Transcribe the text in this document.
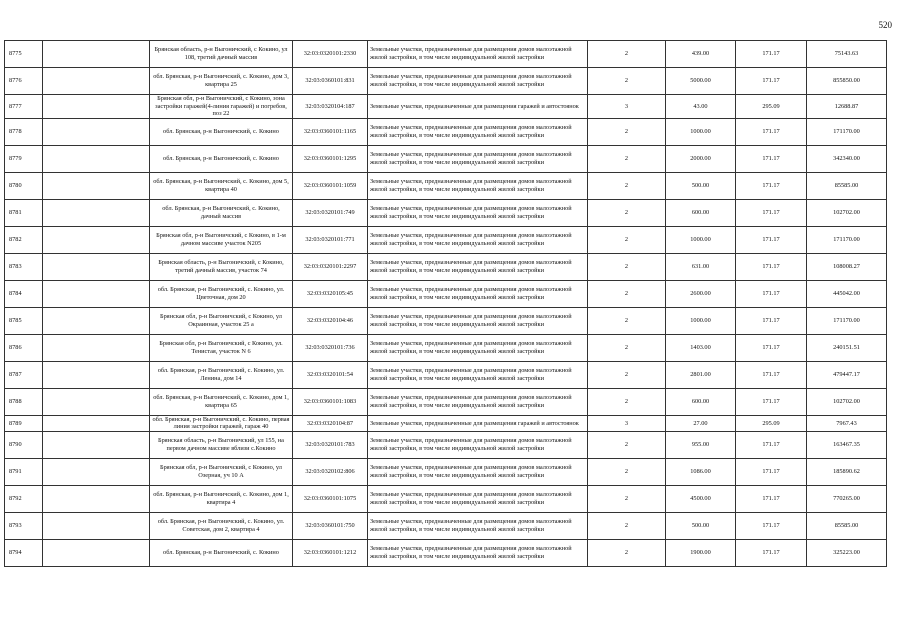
520
8775		Брянская область, р-н Выгоничский, с Кокино, ул 108, третий дачный массив	32:03:0320101:2330	Земельные участки, предназначенные для размещения домов малоэтажной жилой застройки, в том числе индивидуальной жилой застройки	2	439.00	171.17	75143.63
8776		обл. Брянская, р-н Выгоничский, с. Кокино, дом 3, квартира 25	32:03:0360101:831	Земельные участки, предназначенные для размещения домов малоэтажной жилой застройки, в том числе индивидуальной жилой застройки	2	5000.00	171.17	855850.00
8777		Брянская обл, р-н Выгоничский, с Кокино, зона застройки гаражей(4-линия гаражей) и погребов, поз 22	32:03:0320104:187	Земельные участки, предназначенные для размещения гаражей и автостоянок	3	43.00	295.09	12688.87
8778		обл. Брянская, р-н Выгоничский, с. Кокино	32:03:0360101:1165	Земельные участки, предназначенные для размещения домов малоэтажной жилой застройки, в том числе индивидуальной жилой застройки	2	1000.00	171.17	171170.00
8779		обл. Брянская, р-н Выгоничский, с. Кокино	32:03:0360101:1295	Земельные участки, предназначенные для размещения домов малоэтажной жилой застройки, в том числе индивидуальной жилой застройки	2	2000.00	171.17	342340.00
8780		обл. Брянская, р-н Выгоничский, с. Кокино, дом 5, квартира 40	32:03:0360101:1059	Земельные участки, предназначенные для размещения домов малоэтажной жилой застройки, в том числе индивидуальной жилой застройки	2	500.00	171.17	85585.00
8781		обл. Брянская, р-н Выгоничский, с. Кокино, дачный массив	32:03:0320101:749	Земельные участки, предназначенные для размещения домов малоэтажной жилой застройки, в том числе индивидуальной жилой застройки	2	600.00	171.17	102702.00
8782		Брянская обл, р-н Выгоничский, с Кокино, в 1-м дачном массиве участок N205	32:03:0320101:771	Земельные участки, предназначенные для размещения домов малоэтажной жилой застройки, в том числе индивидуальной жилой застройки	2	1000.00	171.17	171170.00
8783		Брянская область, р-н Выгоничский, с Кокино, третий дачный массив, участок 74	32:03:0320101:2297	Земельные участки, предназначенные для размещения домов малоэтажной жилой застройки, в том числе индивидуальной жилой застройки	2	631.00	171.17	108008.27
8784		обл. Брянская, р-н Выгоничский, с. Кокино, ул. Цветочная, дом 20	32:03:0320105:45	Земельные участки, предназначенные для размещения домов малоэтажной жилой застройки, в том числе индивидуальной жилой застройки	2	2600.00	171.17	445042.00
8785		Брянская обл, р-н Выгоничский, с Кокино, ул Окраинная, участок 25 а	32:03:0320104:46	Земельные участки, предназначенные для размещения домов малоэтажной жилой застройки, в том числе индивидуальной жилой застройки	2	1000.00	171.17	171170.00
8786		Брянская обл, р-н Выгоничский, с Кокино, ул. Тенистая, участок N 6	32:03:0320101:736	Земельные участки, предназначенные для размещения домов малоэтажной жилой застройки, в том числе индивидуальной жилой застройки	2	1403.00	171.17	240151.51
8787		обл. Брянская, р-н Выгоничский, с. Кокино, ул. Ленина, дом 14	32:03:0320101:54	Земельные участки, предназначенные для размещения домов малоэтажной жилой застройки, в том числе индивидуальной жилой застройки	2	2801.00	171.17	479447.17
8788		обл. Брянская, р-н Выгоничский, с. Кокино, дом 1, квартира 65	32:03:0360101:1083	Земельные участки, предназначенные для размещения домов малоэтажной жилой застройки, в том числе индивидуальной жилой застройки	2	600.00	171.17	102702.00
8789		обл. Брянская, р-н Выгоничский, с. Кокино, первая линия застройки гаражей, гараж 40	32:03:0320104:87	Земельные участки, предназначенные для размещения гаражей и автостоянок	3	27.00	295.09	7967.43
8790		Брянская область, р-н Выгоничский, ул 155, на первом дачном массиве вблизи с.Кокино	32:03:0320101:783	Земельные участки, предназначенные для размещения домов малоэтажной жилой застройки, в том числе индивидуальной жилой застройки	2	955.00	171.17	163467.35
8791		Брянская обл, р-н Выгоничский, с Кокино, ул Озерная, уч 10 А	32:03:0320102:806	Земельные участки, предназначенные для размещения домов малоэтажной жилой застройки, в том числе индивидуальной жилой застройки	2	1086.00	171.17	185890.62
8792		обл. Брянская, р-н Выгоничский, с. Кокино, дом 1, квартира 4	32:03:0360101:1075	Земельные участки, предназначенные для размещения домов малоэтажной жилой застройки, в том числе индивидуальной жилой застройки	2	4500.00	171.17	770265.00
8793		обл. Брянская, р-н Выгоничский, с. Кокино, ул. Советская, дом 2, квартира 4	32:03:0360101:750	Земельные участки, предназначенные для размещения домов малоэтажной жилой застройки, в том числе индивидуальной жилой застройки	2	500.00	171.17	85585.00
8794		обл. Брянская, р-н Выгоничский, с. Кокино	32:03:0360101:1212	Земельные участки, предназначенные для размещения домов малоэтажной жилой застройки, в том числе индивидуальной жилой застройки	2	1900.00	171.17	325223.00
